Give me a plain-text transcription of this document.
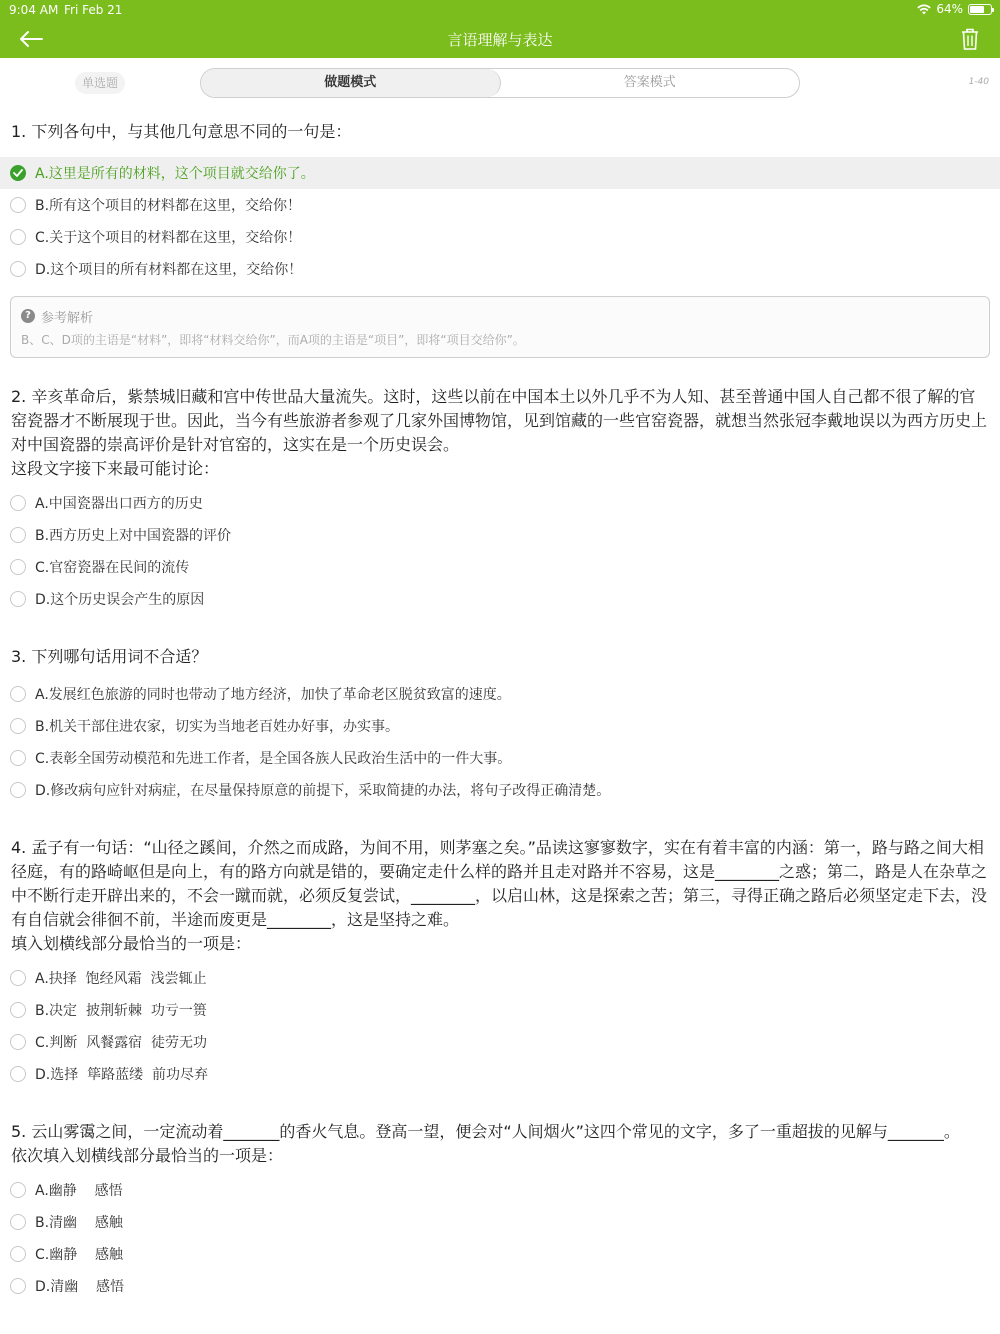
9:04 AM Fri Feb 21	64%
言语理解与表达
单选题	做题模式	答案模式	1-40
1. 下列各句中，与其他几句意思不同的一句是：
A.这里是所有的材料，这个项目就交给你了。
B.所有这个项目的材料都在这里，交给你！
C.关于这个项目的材料都在这里，交给你！
D.这个项目的所有材料都在这里，交给你！
? 参考解析
B、C、D项的主语是“材料”，即将“材料交给你”，而A项的主语是“项目”，即将“项目交给你”。
2. 辛亥革命后，紫禁城旧藏和宫中传世品大量流失。这时，这些以前在中国本土以外几乎不为人知、甚至普通中国人自己都不很了解的官窑瓷器才不断展现于世。因此，当今有些旅游者参观了几家外国博物馆，见到馆藏的一些官窑瓷器，就想当然张冠李戴地误以为西方历史上对中国瓷器的崇高评价是针对官窑的，这实在是一个历史误会。
这段文字接下来最可能讨论：
A.中国瓷器出口西方的历史
B.西方历史上对中国瓷器的评价
C.官窑瓷器在民间的流传
D.这个历史误会产生的原因
3. 下列哪句话用词不合适？
A.发展红色旅游的同时也带动了地方经济，加快了革命老区脱贫致富的速度。
B.机关干部住进农家，切实为当地老百姓办好事，办实事。
C.表彰全国劳动模范和先进工作者，是全国各族人民政治生活中的一件大事。
D.修改病句应针对病症，在尽量保持原意的前提下，采取简捷的办法，将句子改得正确清楚。
4. 孟子有一句话：“山径之蹊间，介然之而成路，为间不用，则茅塞之矣。”品读这寥寥数字，实在有着丰富的内涵：第一，路与路之间大相径庭，有的路崎岖但是向上，有的路方向就是错的，要确定走什么样的路并且走对路并不容易，这是________之惑；第二，路是人在杂草之中不断行走开辟出来的，不会一蹴而就，必须反复尝试，________，以启山林，这是探索之苦；第三，寻得正确之路后必须坚定走下去，没有自信就会徘徊不前，半途而废更是________，这是坚持之难。
填入划横线部分最恰当的一项是：
A.抉择  饱经风霜  浅尝辄止
B.决定  披荆斩棘  功亏一篑
C.判断  风餐露宿  徒劳无功
D.选择  筚路蓝缕  前功尽弃
5. 云山雾霭之间，一定流动着_______的香火气息。登高一望，便会对“人间烟火”这四个常见的文字，多了一重超拔的见解与_______。
依次填入划横线部分最恰当的一项是：
A.幽静    感悟
B.清幽    感触
C.幽静    感触
D.清幽    感悟
